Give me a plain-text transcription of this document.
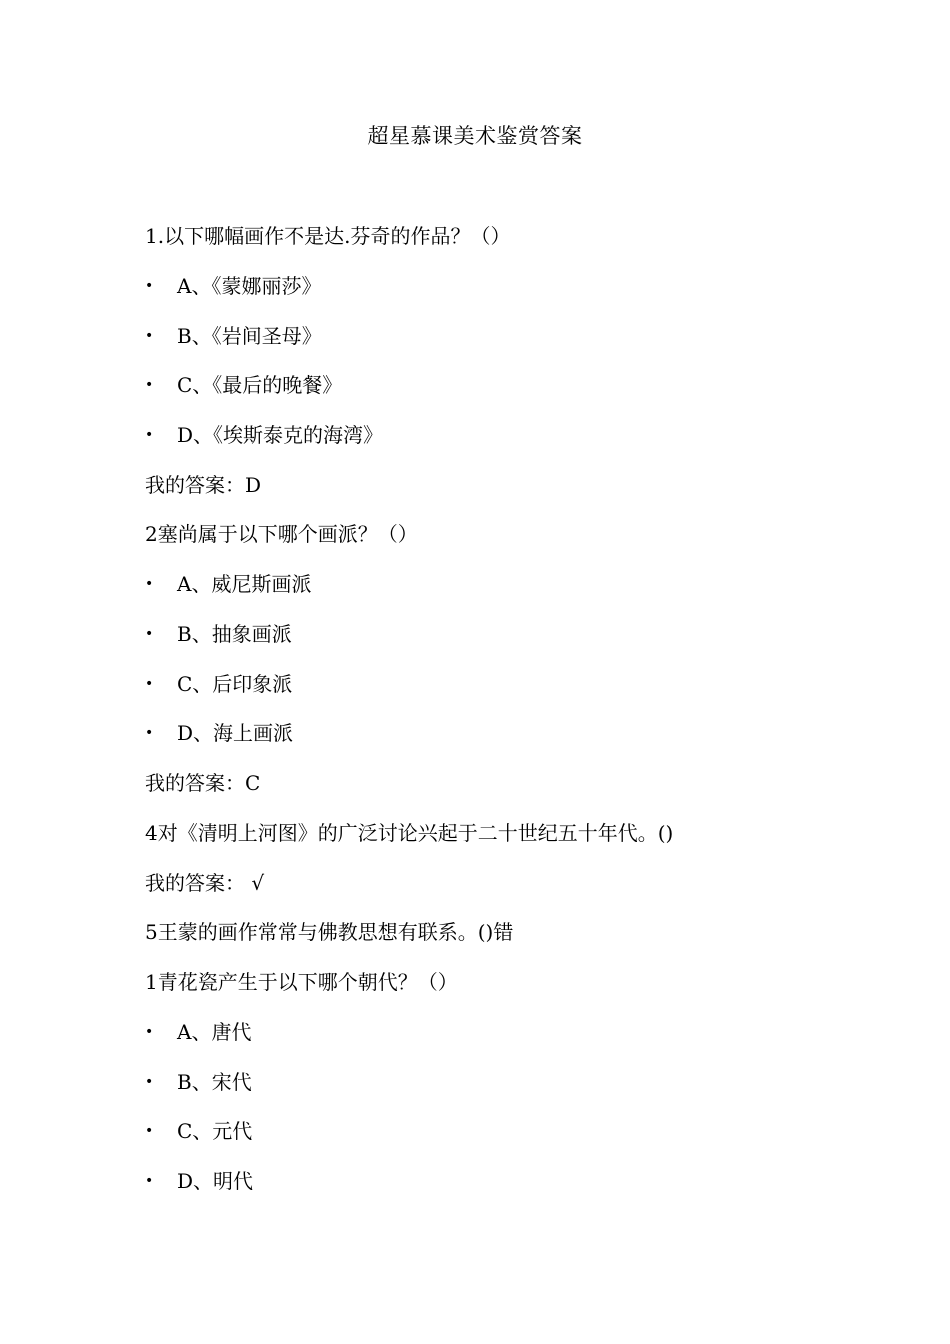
超星慕课美术鉴赏答案
1.以下哪幅画作不是达.芬奇的作品？（）
• A、《蒙娜丽莎》
• B、《岩间圣母》
• C、《最后的晚餐》
• D、《埃斯泰克的海湾》
我的答案：D
2塞尚属于以下哪个画派？（）
• A、威尼斯画派
• B、抽象画派
• C、后印象派
• D、海上画派
我的答案：C
4对《清明上河图》的广泛讨论兴起于二十世纪五十年代。()
我的答案： √
5王蒙的画作常常与佛教思想有联系。()错
1青花瓷产生于以下哪个朝代？（）
• A、唐代
• B、宋代
• C、元代
• D、明代
